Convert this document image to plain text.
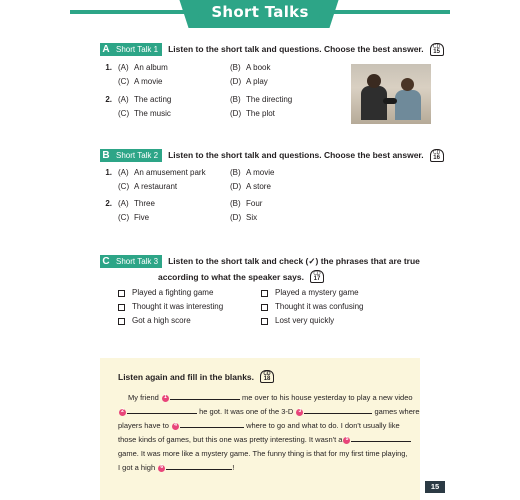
Short Talks
A Short Talk 1	Listen to the short talk and questions. Choose the best answer. CD
15
1. (A) An album	(B) A book
(C) A movie	(D) A play
2. (A) The acting	(B) The directing
(C) The music	(D) The plot
B Short Talk 2	Listen to the short talk and questions. Choose the best answer. CD
16
1. (A) An amusement park	(B) A movie
(C) A restaurant	(D) A store
2. (A) Three	(B) Four
(C) Five	(D) Six
C Short Talk 3	Listen to the short talk and check (✓) the phrases that are true
according to what the speaker says. CD
17
Played a fighting game	Played a mystery game
Thought it was interesting	Thought it was confusing
Got a high score	Lost very quickly
Listen again and fill in the blanks. CD
18
My friend 1	me over to his house yesterday to play a new video
2	he got. It was one of the 3-D 3	games where
players have to 4	where to go and what to do. I don't usually like
those kinds of games, but this one was pretty interesting. It wasn't a 5
game. It was more like a mystery game. The funny thing is that for my first time playing,
I got a high 6	!
15
